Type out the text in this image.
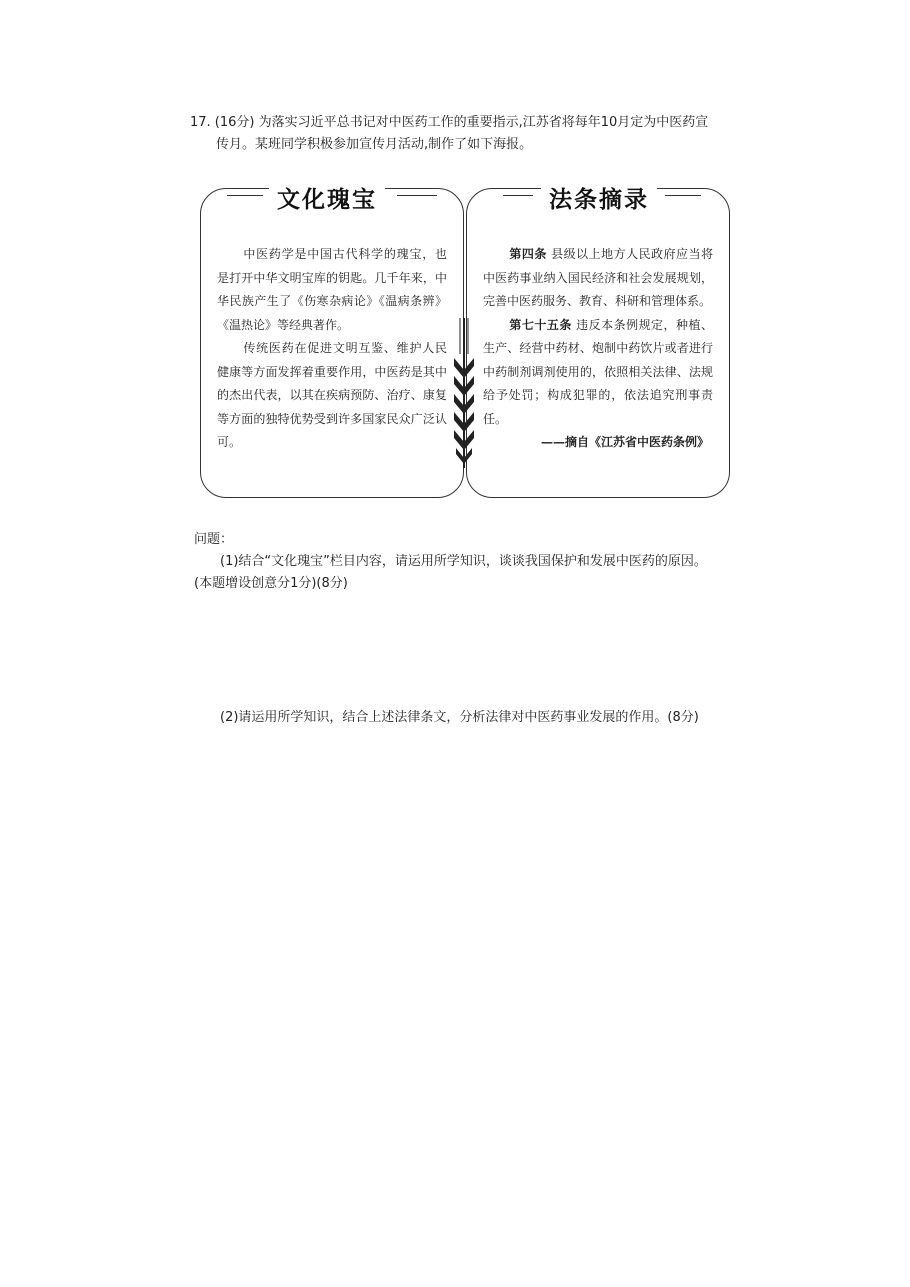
17. (16分) 为落实习近平总书记对中医药工作的重要指示,江苏省将每年10月定为中医药宣
传月。某班同学积极参加宣传月活动,制作了如下海报。
文化瑰宝

中医药学是中国古代科学的瑰宝，也是打开中华文明宝库的钥匙。几千年来，中华民族产生了《伤寒杂病论》《温病条辨》《温热论》等经典著作。

传统医药在促进文明互鉴、维护人民健康等方面发挥着重要作用，中医药是其中的杰出代表，以其在疾病预防、治疗、康复等方面的独特优势受到许多国家民众广泛认可。

法条摘录

第四条 县级以上地方人民政府应当将中医药事业纳入国民经济和社会发展规划，完善中医药服务、教育、科研和管理体系。

第七十五条 违反本条例规定，种植、生产、经营中药材、炮制中药饮片或者进行中药制剂调剂使用的，依照相关法律、法规给予处罚；构成犯罪的，依法追究刑事责任。

——摘自《江苏省中医药条例》

问题：
(1)结合“文化瑰宝”栏目内容，请运用所学知识，谈谈我国保护和发展中医药的原因。
(本题增设创意分1分)(8分)
(2)请运用所学知识，结合上述法律条文，分析法律对中医药事业发展的作用。(8分)
